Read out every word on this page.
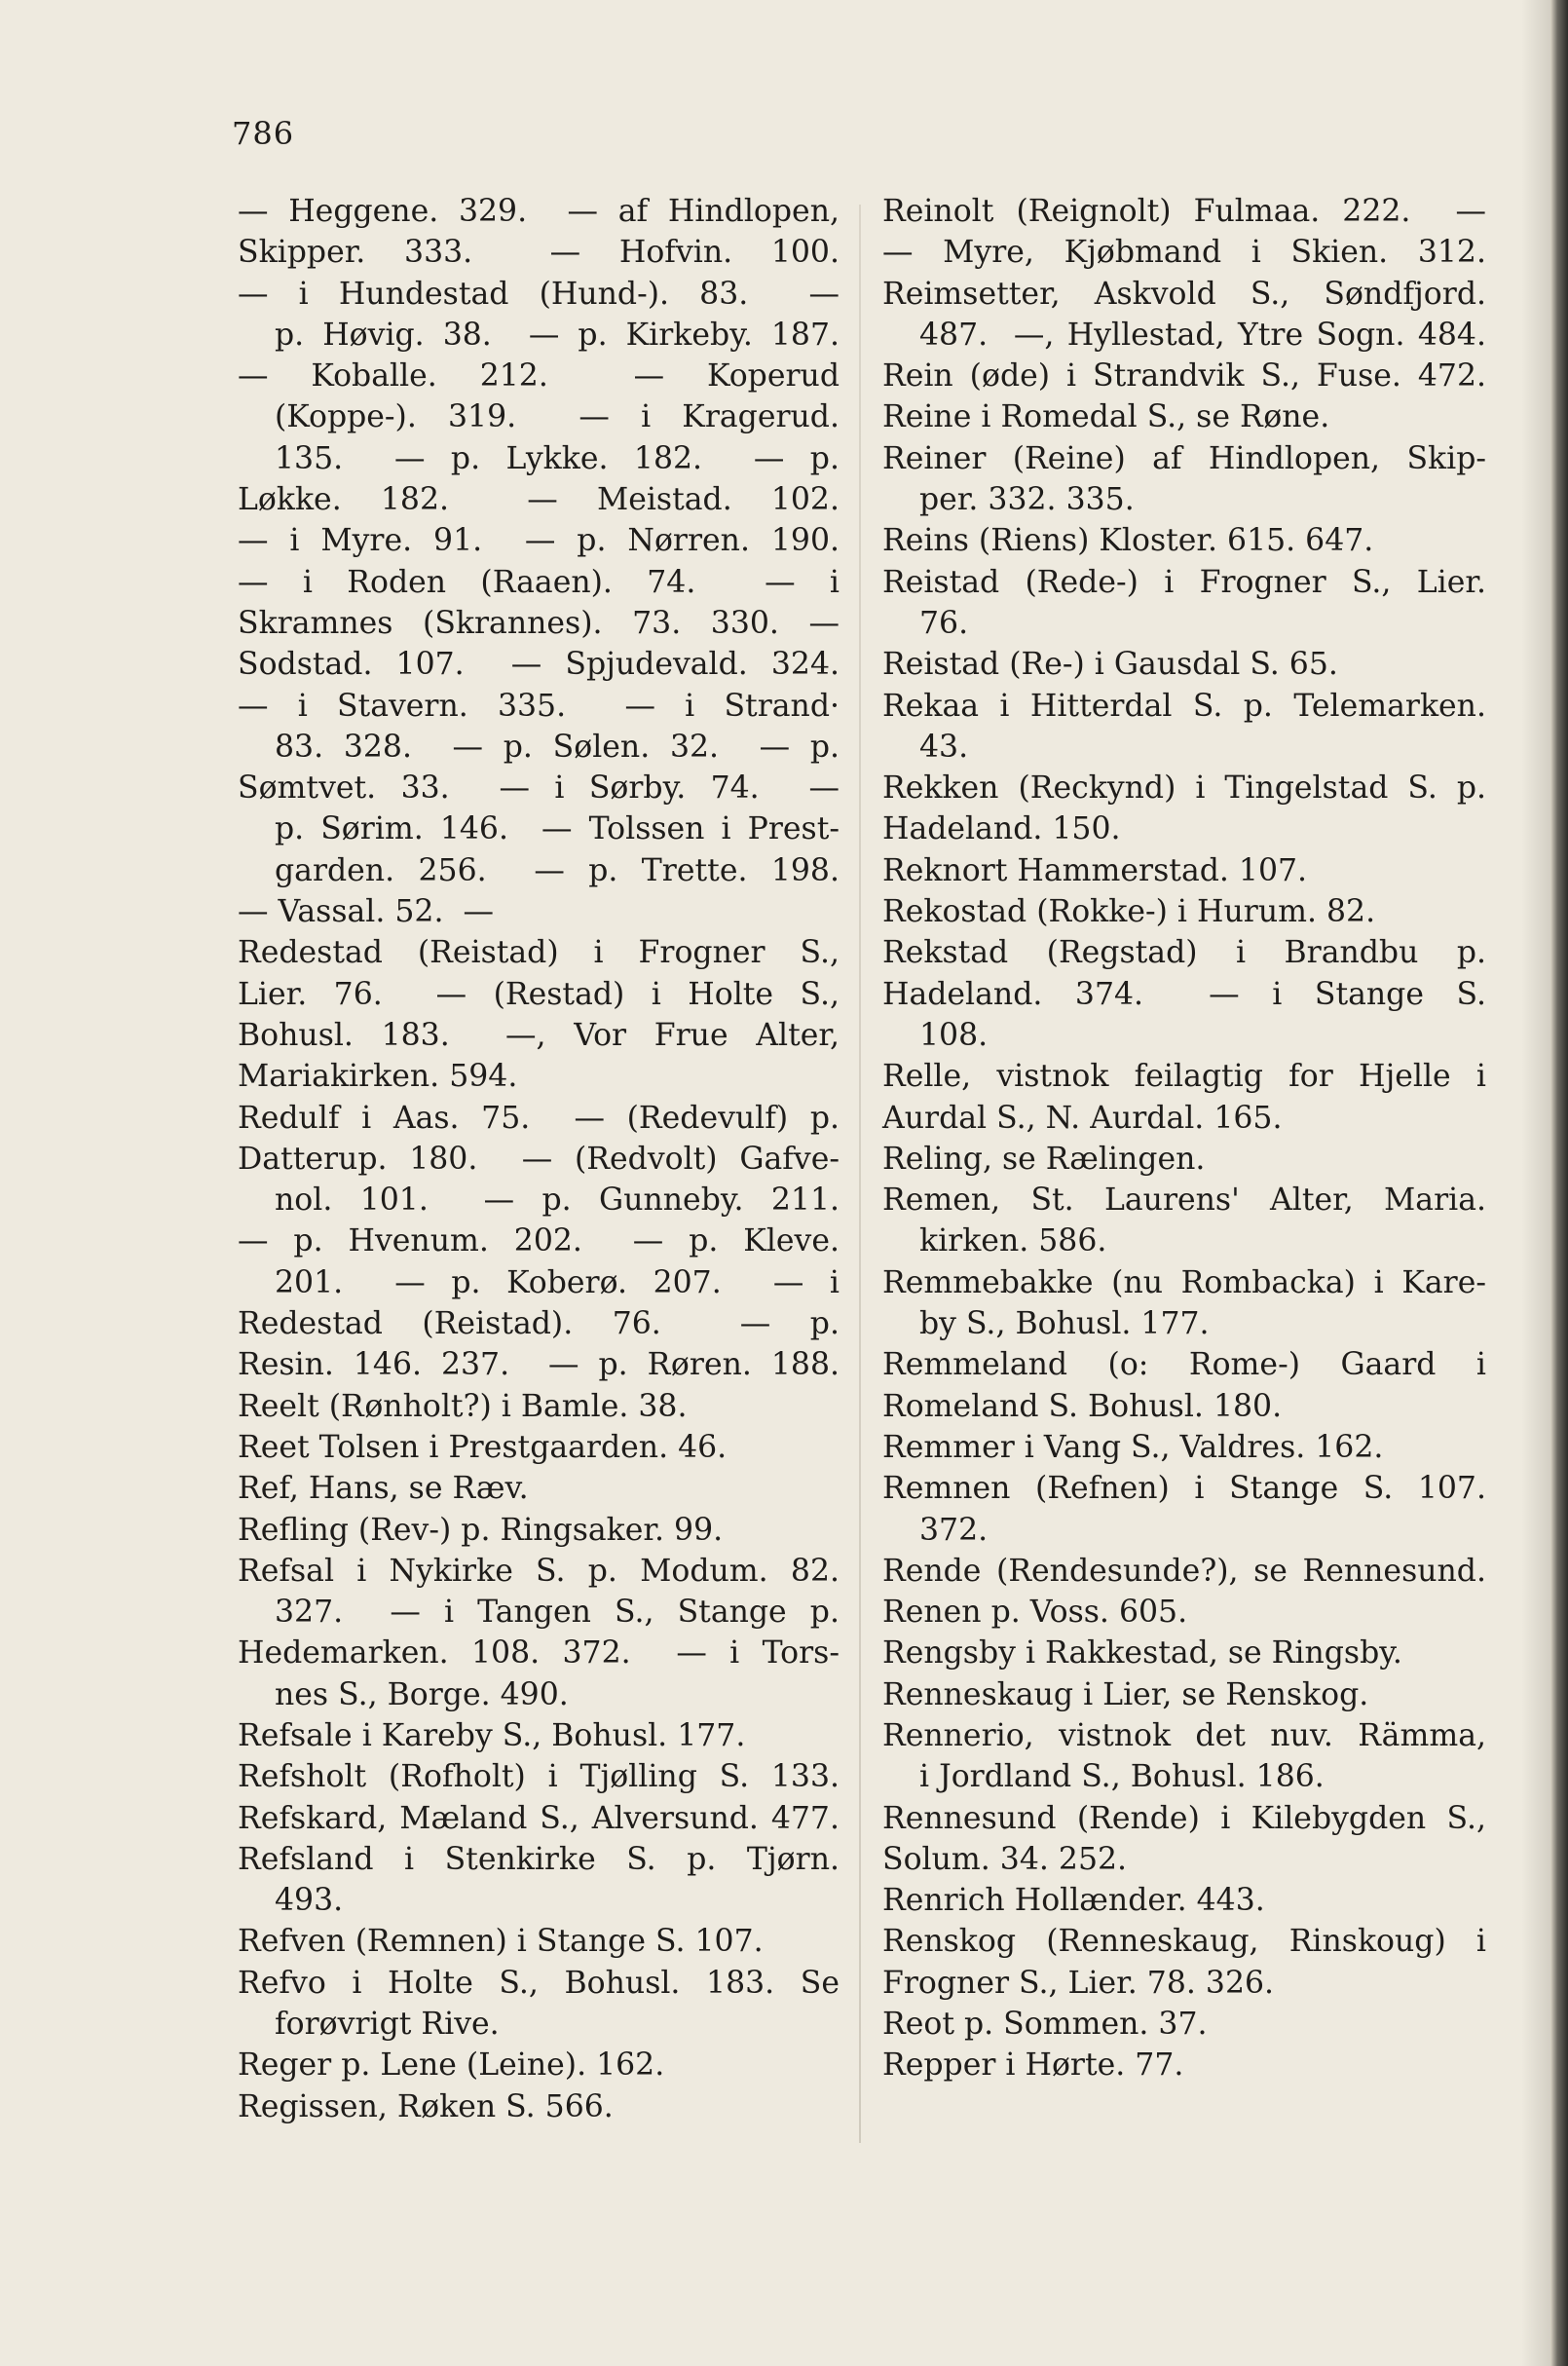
786
— Heggene. 329.  — af Hindlopen,
Skipper. 333.  — Hofvin. 100.
— i Hundestad (Hund-). 83.  —
p. Høvig. 38.  — p. Kirkeby. 187.
— Koballe. 212.  — Koperud
(Koppe-). 319.  — i Kragerud.
135.  — p. Lykke. 182.  — p.
Løkke. 182.  — Meistad. 102.
— i Myre. 91.  — p. Nørren. 190.
— i Roden (Raaen). 74.  — i
Skramnes (Skrannes). 73. 330. —
Sodstad. 107.  — Spjudevald. 324.
— i Stavern. 335.  — i Strand·
83. 328.  — p. Sølen. 32.  — p.
Sømtvet. 33.  — i Sørby. 74.  —
p. Sørim. 146.  — Tolssen i Prest-
garden. 256.  — p. Trette. 198.
— Vassal. 52.  —
Redestad (Reistad) i Frogner S.,
Lier. 76.  — (Restad) i Holte S.,
Bohusl. 183.  —, Vor Frue Alter,
Mariakirken. 594.
Redulf i Aas. 75.  — (Redevulf) p.
Datterup. 180.  — (Redvolt) Gafve-
nol. 101.  — p. Gunneby. 211.
— p. Hvenum. 202.  — p. Kleve.
201.  — p. Koberø. 207.  — i
Redestad (Reistad). 76.  — p.
Resin. 146. 237.  — p. Røren. 188.
Reelt (Rønholt?) i Bamle. 38.
Reet Tolsen i Prestgaarden. 46.
Ref, Hans, se Ræv.
Refling (Rev-) p. Ringsaker. 99.
Refsal i Nykirke S. p. Modum. 82.
327.  — i Tangen S., Stange p.
Hedemarken. 108. 372.  — i Tors-
nes S., Borge. 490.
Refsale i Kareby S., Bohusl. 177.
Refsholt (Rofholt) i Tjølling S. 133.
Refskard, Mæland S., Alversund. 477.
Refsland i Stenkirke S. p. Tjørn.
493.
Refven (Remnen) i Stange S. 107.
Refvo i Holte S., Bohusl. 183. Se
forøvrigt Rive.
Reger p. Lene (Leine). 162.
Regissen, Røken S. 566.
Reinolt (Reignolt) Fulmaa. 222.  —
— Myre, Kjøbmand i Skien. 312.
Reimsetter, Askvold S., Søndfjord.
487.  —, Hyllestad, Ytre Sogn. 484.
Rein (øde) i Strandvik S., Fuse. 472.
Reine i Romedal S., se Røne.
Reiner (Reine) af Hindlopen, Skip-
per. 332. 335.
Reins (Riens) Kloster. 615. 647.
Reistad (Rede-) i Frogner S., Lier.
76.
Reistad (Re-) i Gausdal S. 65.
Rekaa i Hitterdal S. p. Telemarken.
43.
Rekken (Reckynd) i Tingelstad S. p.
Hadeland. 150.
Reknort Hammerstad. 107.
Rekostad (Rokke-) i Hurum. 82.
Rekstad (Regstad) i Brandbu p.
Hadeland. 374.  — i Stange S.
108.
Relle, vistnok feilagtig for Hjelle i
Aurdal S., N. Aurdal. 165.
Reling, se Rælingen.
Remen, St. Laurens' Alter, Maria.
kirken. 586.
Remmebakke (nu Rombacka) i Kare-
by S., Bohusl. 177.
Remmeland (o: Rome-) Gaard i
Romeland S. Bohusl. 180.
Remmer i Vang S., Valdres. 162.
Remnen (Refnen) i Stange S. 107.
372.
Rende (Rendesunde?), se Rennesund.
Renen p. Voss. 605.
Rengsby i Rakkestad, se Ringsby.
Renneskaug i Lier, se Renskog.
Rennerio, vistnok det nuv. Rämma,
i Jordland S., Bohusl. 186.
Rennesund (Rende) i Kilebygden S.,
Solum. 34. 252.
Renrich Hollænder. 443.
Renskog (Renneskaug, Rinskoug) i
Frogner S., Lier. 78. 326.
Reot p. Sommen. 37.
Repper i Hørte. 77.
